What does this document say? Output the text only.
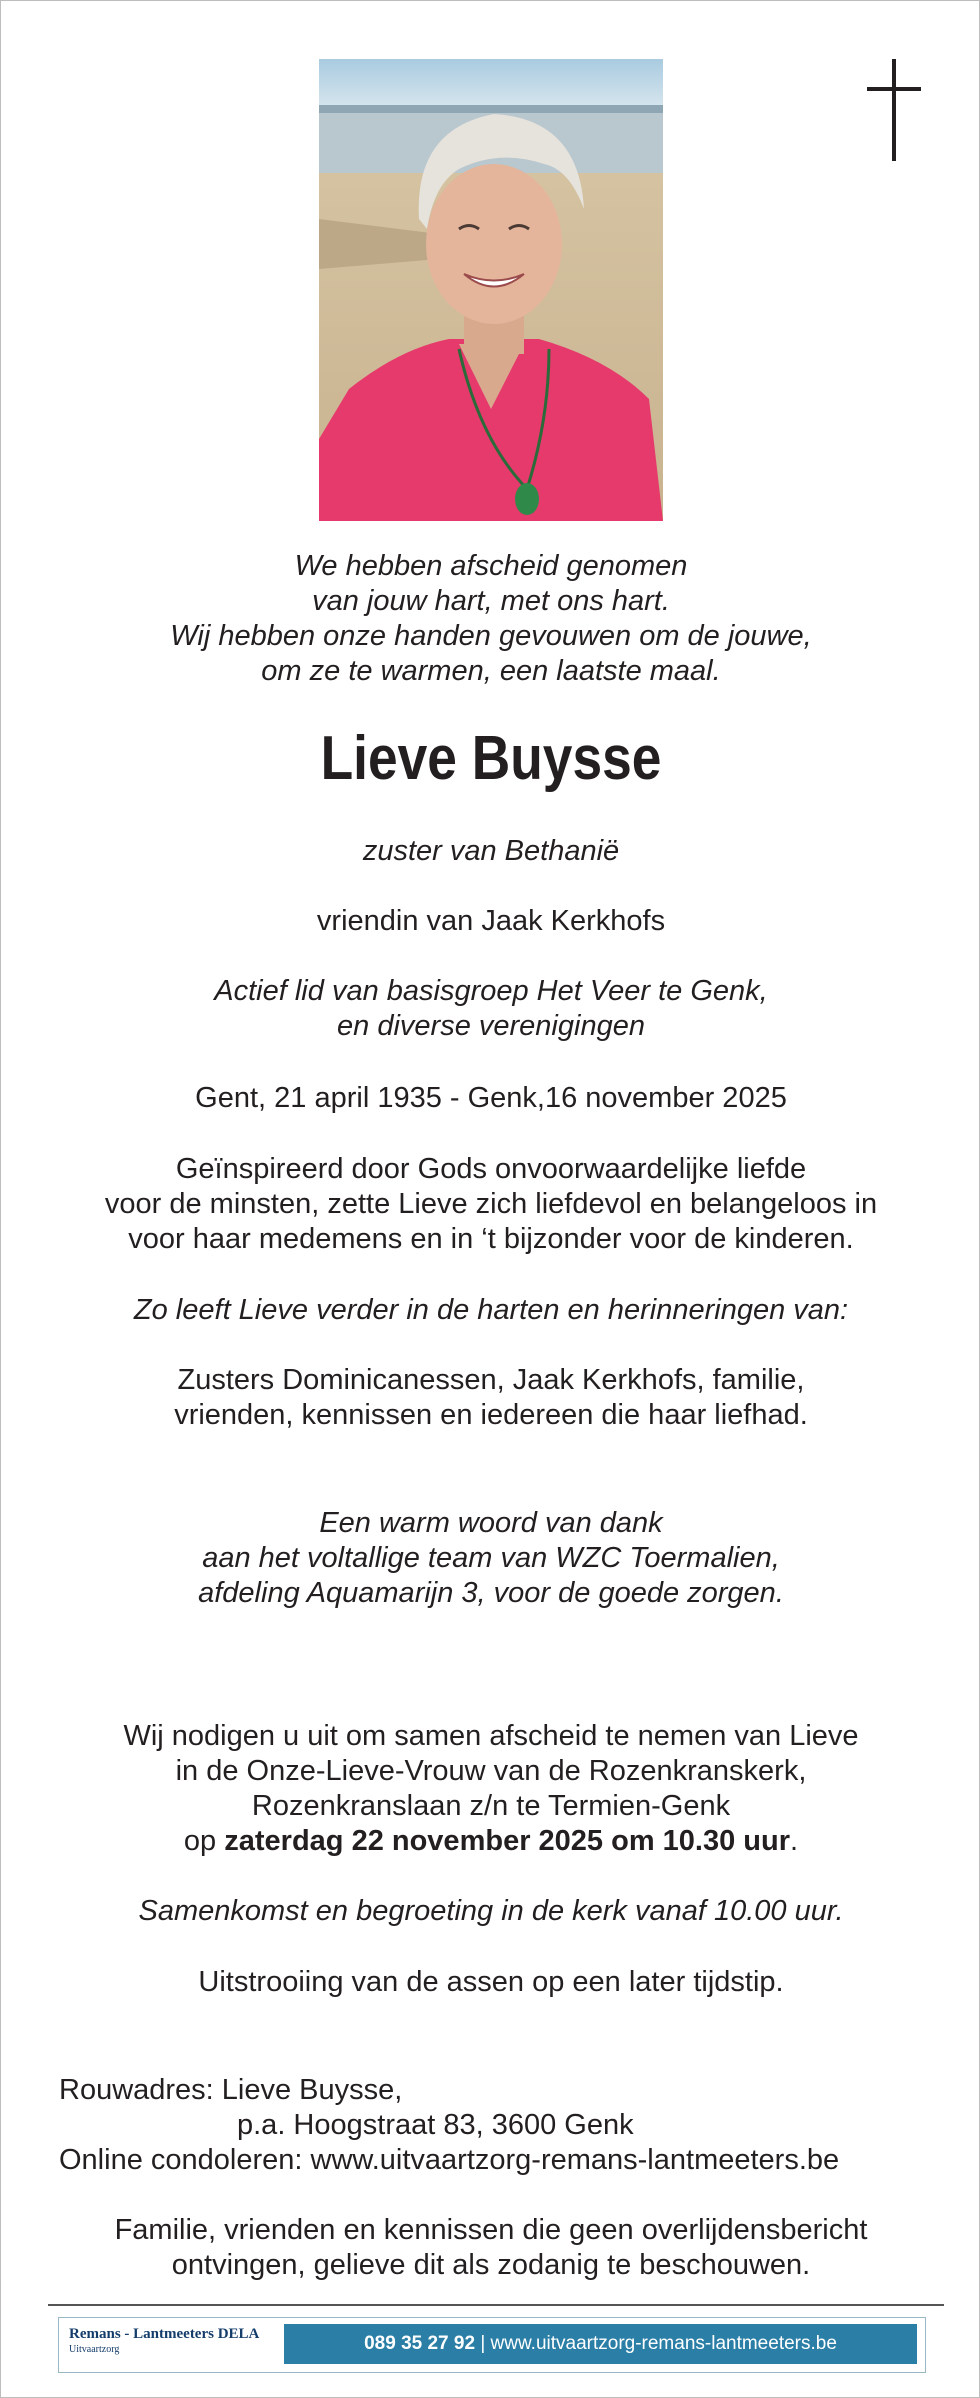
We hebben afscheid genomen
van jouw hart, met ons hart.
Wij hebben onze handen gevouwen om de jouwe,
om ze te warmen, een laatste maal.
Lieve Buysse
zuster van Bethanië
vriendin van Jaak Kerkhofs
Actief lid van basisgroep Het Veer te Genk,
en diverse verenigingen
Gent, 21 april 1935 - Genk,16 november 2025
Geïnspireerd door Gods onvoorwaardelijke liefde
voor de minsten, zette Lieve zich liefdevol en belangeloos in
voor haar medemens en in ‘t bijzonder voor de kinderen.
Zo leeft Lieve verder in de harten en herinneringen van:
Zusters Dominicanessen, Jaak Kerkhofs, familie,
vrienden, kennissen en iedereen die haar liefhad.
Een warm woord van dank
aan het voltallige team van WZC Toermalien,
afdeling Aquamarijn 3, voor de goede zorgen.
Wij nodigen u uit om samen afscheid te nemen van Lieve
in de Onze-Lieve-Vrouw van de Rozenkranskerk,
Rozenkranslaan z/n te Termien-Genk
op zaterdag 22 november 2025 om 10.30 uur.
Samenkomst en begroeting in de kerk vanaf 10.00 uur.
Uitstrooiing van de assen op een later tijdstip.
Rouwadres: Lieve Buysse,
p.a. Hoogstraat 83, 3600 Genk
Online condoleren: www.uitvaartzorg-remans-lantmeeters.be
Familie, vrienden en kennissen die geen overlijdensbericht
ontvingen, gelieve dit als zodanig te beschouwen.
Remans - Lantmeeters DELA
Uitvaartzorg	089 35 27 92 | www.uitvaartzorg-remans-lantmeeters.be
